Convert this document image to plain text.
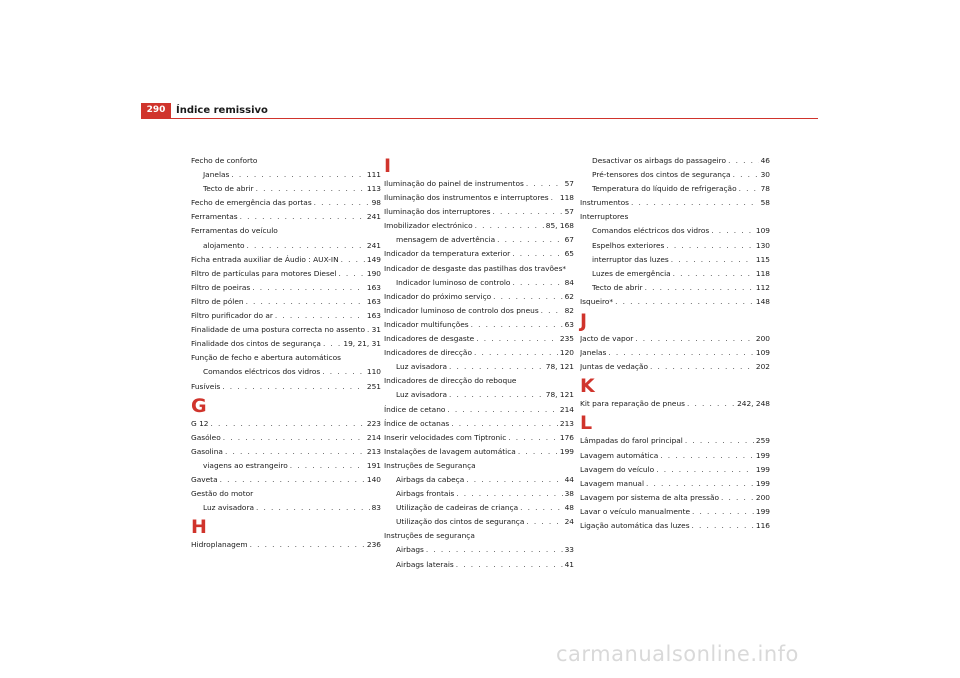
290	Índice remissivo
Fecho de conforto
Janelas . . .	111
Tecto de abrir . . .	113
Fecho de emergência das portas . . .	98
Ferramentas . . .	241
Ferramentas do veículo
alojamento . . .	241
Ficha entrada auxiliar de Áudio : AUX-IN . . .	149
Filtro de partículas para motores Diesel . . .	190
Filtro de poeiras . . .	163
Filtro de pólen . . .	163
Filtro purificador do ar . . .	163
Finalidade de uma postura correcta no assento . . . 31
Finalidade dos cintos de segurança . . .	19, 21, 31
Função de fecho e abertura automáticos
Comandos eléctricos dos vidros . . .	110
Fusíveis . . .	251
G
G 12 . . .	223
Gasóleo . . .	214
Gasolina . . .	213
viagens ao estrangeiro . . .	191
Gaveta . . .	140
Gestão do motor
Luz avisadora . . .	83
H
Hidroplanagem . . .	236
I
Iluminação do painel de instrumentos . . .	57
Iluminação dos instrumentos e interruptores . . . 118
Iluminação dos interruptores . . .	57
Imobilizador electrónico . . .	85, 168
mensagem de advertência . . .	67
Indicador da temperatura exterior . . .	65
Indicador de desgaste das pastilhas dos travões*
Indicador luminoso de controlo . . .	84
Indicador do próximo serviço . . .	62
Indicador luminoso de controlo dos pneus . . .	82
Indicador multifunções . . .	63
Indicadores de desgaste . . .	235
Indicadores de direcção . . .	120
Luz avisadora . . .	78, 121
Indicadores de direcção do reboque
Luz avisadora . . .	78, 121
Índice de cetano . . .	214
Índice de octanas . . .	213
Inserir velocidades com Tiptronic . . .	176
Instalações de lavagem automática . . .	199
Instruções de Segurança
Airbags da cabeça . . .	44
Airbags frontais . . .	38
Utilização de cadeiras de criança . . .	48
Utilização dos cintos de segurança . . .	24
Instruções de segurança
Airbags . . .	33
Airbags laterais . . .	41
Desactivar os airbags do passageiro . . .	46
Pré-tensores dos cintos de segurança . . .	30
Temperatura do líquido de refrigeração . . .	78
Instrumentos . . .	58
Interruptores
Comandos eléctricos dos vidros . . .	109
Espelhos exteriores . . .	130
interruptor das luzes . . .	115
Luzes de emergência . . .	118
Tecto de abrir . . .	112
Isqueiro* . . .	148
J
Jacto de vapor . . .	200
Janelas . . .	109
Juntas de vedação . . .	202
K
Kit para reparação de pneus . . .	242, 248
L
Lâmpadas do farol principal . . .	259
Lavagem automática . . .	199
Lavagem do veículo . . .	199
Lavagem manual . . .	199
Lavagem por sistema de alta pressão . . .	200
Lavar o veículo manualmente . . .	199
Ligação automática das luzes . . .	116
carmanualsonline.info
